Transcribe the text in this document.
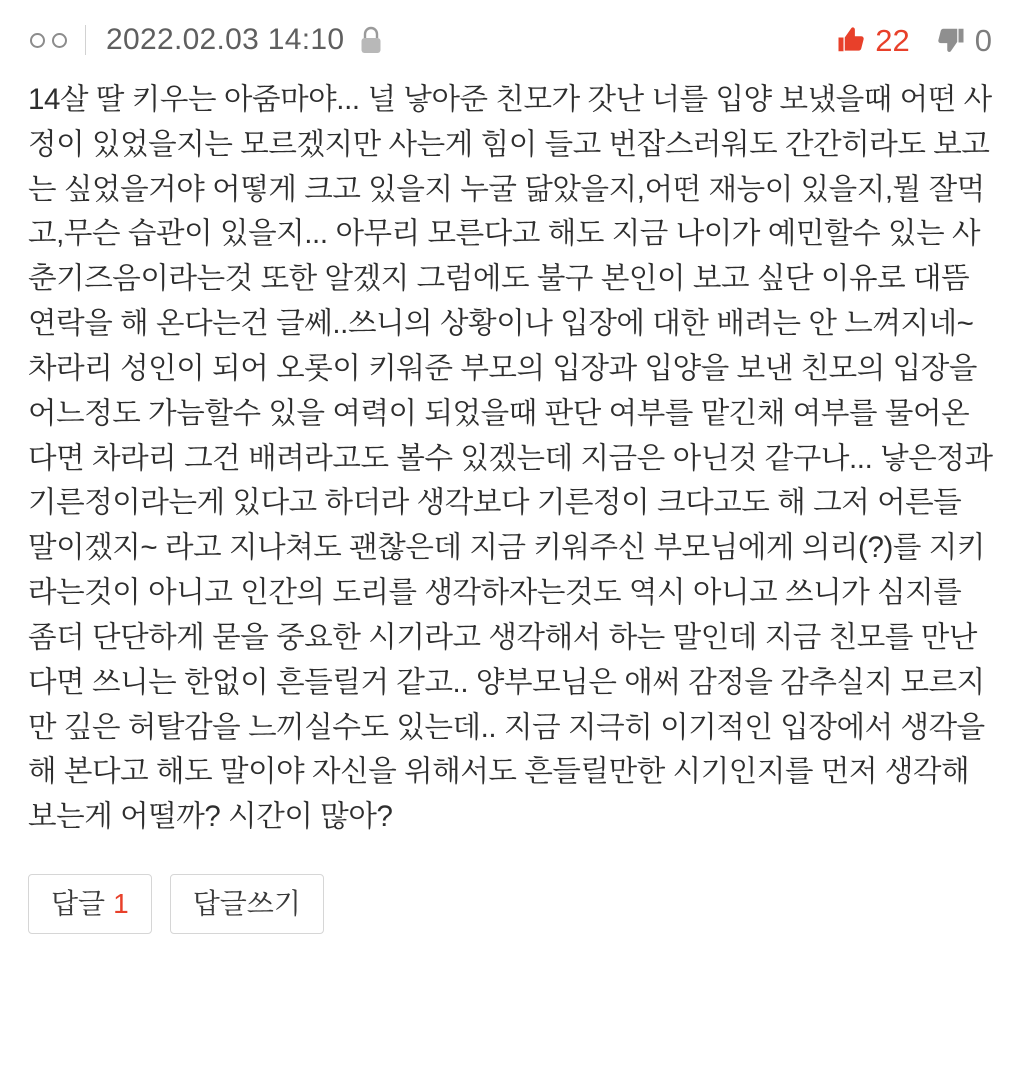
2022.02.03 14:10	22 0

14살 딸 키우는 아줌마야... 널 낳아준 친모가 갓난 너를 입양 보냈을때 어떤 사정이 있었을지는 모르겠지만 사는게 힘이 들고 번잡스러워도 간간히라도 보고는 싶었을거야 어떻게 크고 있을지 누굴 닮았을지,어떤 재능이 있을지,뭘 잘먹고,무슨 습관이 있을지... 아무리 모른다고 해도 지금 나이가 예민할수 있는 사춘기즈음이라는것 또한 알겠지 그럼에도 불구 본인이 보고 싶단 이유로 대뜸 연락을 해 온다는건 글쎄..쓰니의 상황이나 입장에 대한 배려는 안 느껴지네~ 차라리 성인이 되어 오롯이 키워준 부모의 입장과 입양을 보낸 친모의 입장을 어느정도 가늠할수 있을 여력이 되었을때 판단 여부를 맡긴채 여부를 물어온다면 차라리 그건 배려라고도 볼수 있겠는데 지금은 아닌것 같구나... 낳은정과 기른정이라는게 있다고 하더라 생각보다 기른정이 크다고도 해 그저 어른들 말이겠지~ 라고 지나쳐도 괜찮은데 지금 키워주신 부모님에게 의리(?)를 지키라는것이 아니고 인간의 도리를 생각하자는것도 역시 아니고 쓰니가 심지를 좀더 단단하게 묻을 중요한 시기라고 생각해서 하는 말인데 지금 친모를 만난다면 쓰니는 한없이 흔들릴거 같고.. 양부모님은 애써 감정을 감추실지 모르지만 깊은 허탈감을 느끼실수도 있는데.. 지금 지극히 이기적인 입장에서 생각을 해 본다고 해도 말이야 자신을 위해서도 흔들릴만한 시기인지를 먼저 생각해 보는게 어떨까? 시간이 많아?

답글 1	답글쓰기
